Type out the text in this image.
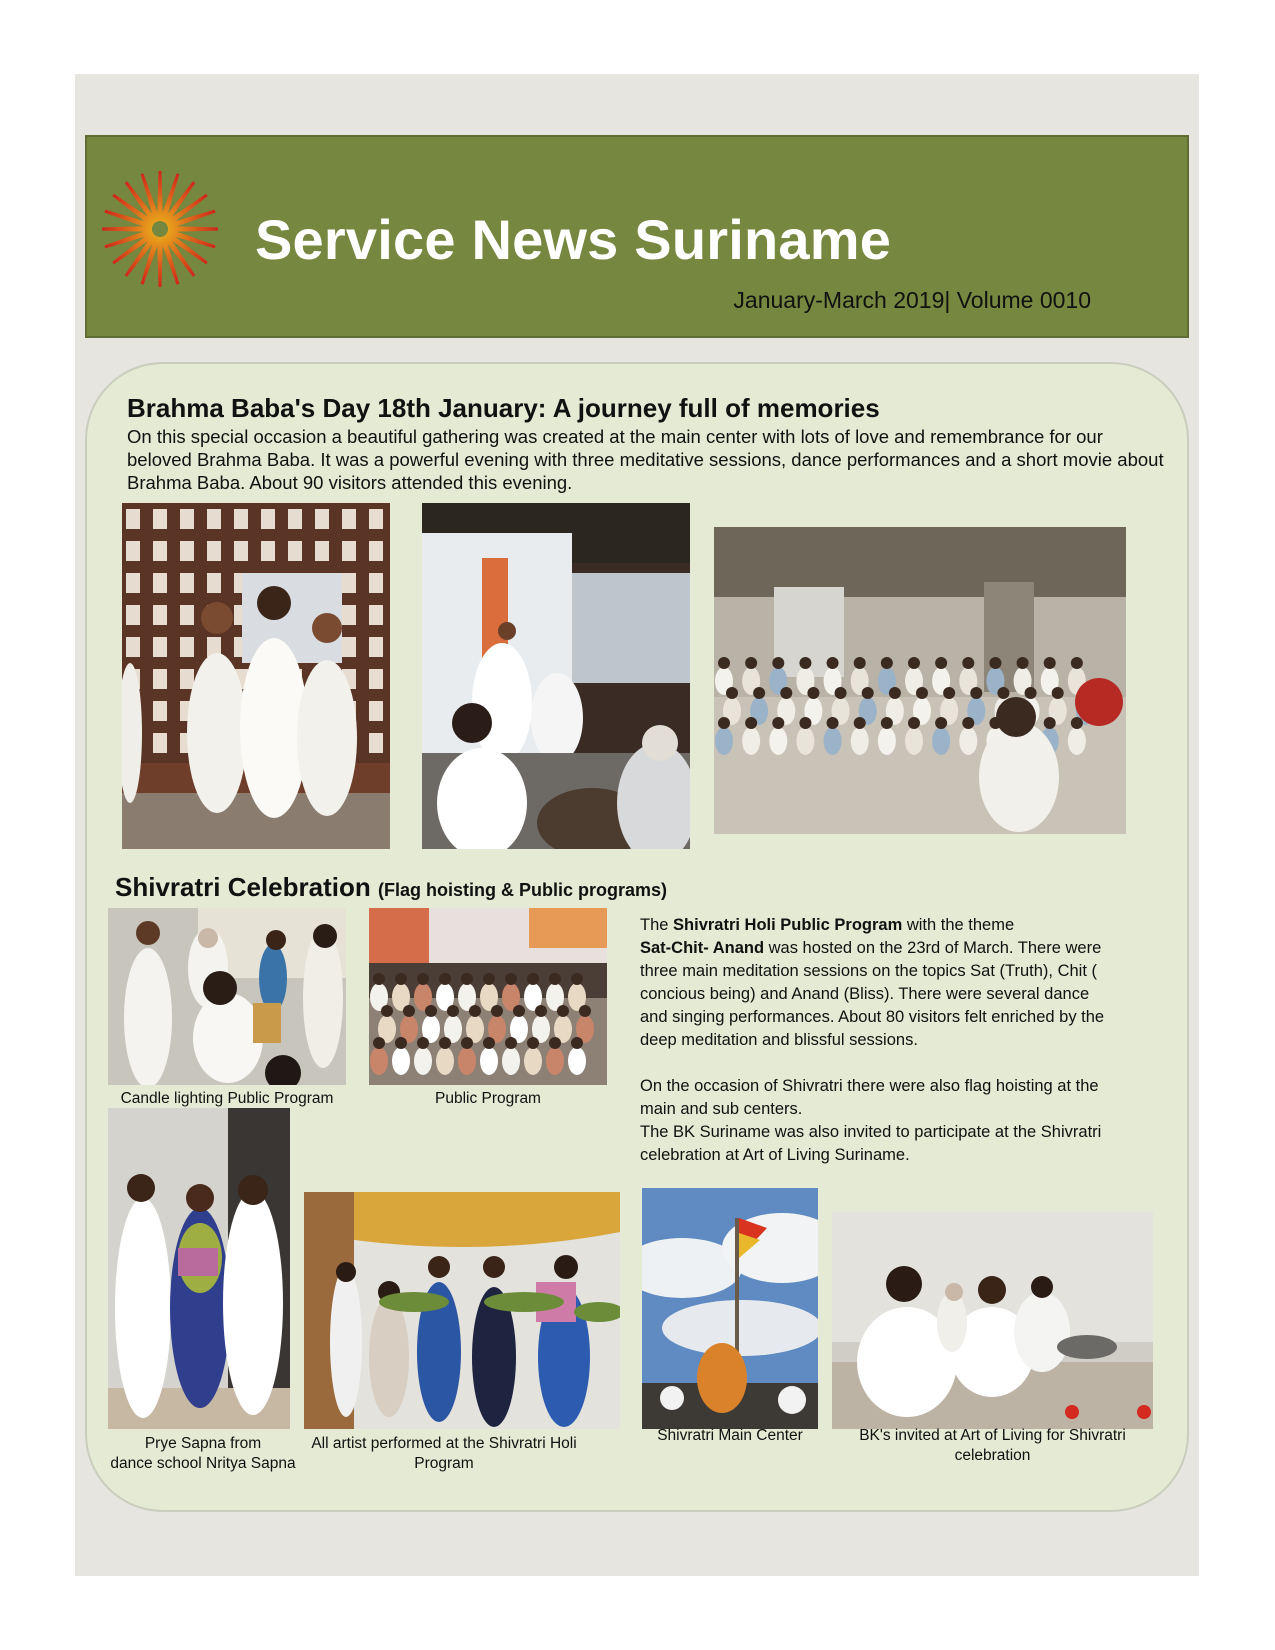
Service News Suriname
January-March 2019| Volume 0010
Brahma Baba's Day 18th January: A journey full of memories
On this special occasion a beautiful gathering was created at the main center with lots of love and remembrance for our beloved Brahma Baba. It was a powerful evening with three meditative sessions, dance performances and a short movie about Brahma Baba. About 90 visitors attended this evening.
Shivratri Celebration (Flag hoisting & Public programs)
Candle lighting Public Program	Public Program

The Shivratri Holi Public Program with the theme
Sat-Chit- Anand was hosted on the 23rd of March. There were three main meditation sessions on the topics Sat (Truth), Chit ( concious being) and Anand (Bliss). There were several dance and singing performances. About 80 visitors felt enriched by the deep meditation and blissful sessions.

On the occasion of Shivratri there were also flag hoisting at the main and sub centers.

The BK Suriname was also invited to participate at the Shivratri celebration at Art of Living Suriname.

Prye Sapna from
dance school Nritya Sapna
All artist performed at the Shivratri Holi Program
Shivratri Main Center	BK's invited at Art of Living for Shivratri celebration
